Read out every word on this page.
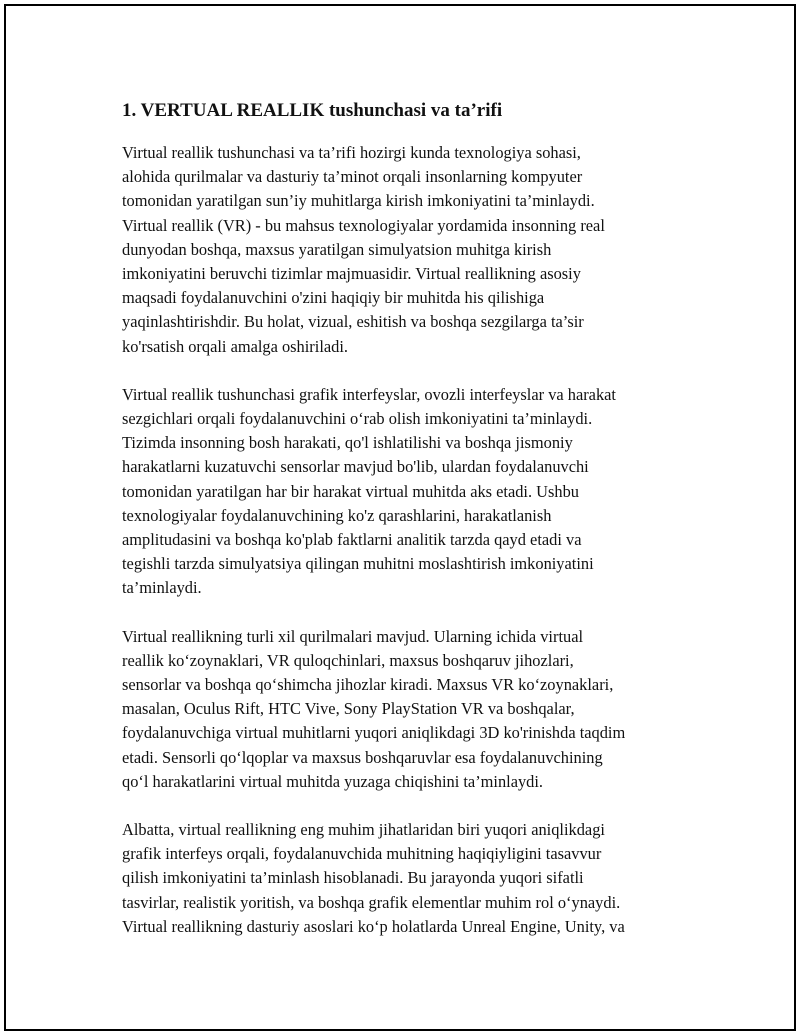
1. VERTUAL REALLIK tushunchasi va ta’rifi

Virtual reallik tushunchasi va ta’rifi hozirgi kunda texnologiya sohasi,
alohida qurilmalar va dasturiy ta’minot orqali insonlarning kompyuter
tomonidan yaratilgan sun’iy muhitlarga kirish imkoniyatini ta’minlaydi.
Virtual reallik (VR) - bu mahsus texnologiyalar yordamida insonning real
dunyodan boshqa, maxsus yaratilgan simulyatsion muhitga kirish
imkoniyatini beruvchi tizimlar majmuasidir. Virtual reallikning asosiy
maqsadi foydalanuvchini o'zini haqiqiy bir muhitda his qilishiga
yaqinlashtirishdir. Bu holat, vizual, eshitish va boshqa sezgilarga ta’sir
ko'rsatish orqali amalga oshiriladi.

Virtual reallik tushunchasi grafik interfeyslar, ovozli interfeyslar va harakat
sezgichlari orqali foydalanuvchini o‘rab olish imkoniyatini ta’minlaydi.
Tizimda insonning bosh harakati, qo'l ishlatilishi va boshqa jismoniy
harakatlarni kuzatuvchi sensorlar mavjud bo'lib, ulardan foydalanuvchi
tomonidan yaratilgan har bir harakat virtual muhitda aks etadi. Ushbu
texnologiyalar foydalanuvchining ko'z qarashlarini, harakatlanish
amplitudasini va boshqa ko'plab faktlarni analitik tarzda qayd etadi va
tegishli tarzda simulyatsiya qilingan muhitni moslashtirish imkoniyatini
ta’minlaydi.

Virtual reallikning turli xil qurilmalari mavjud. Ularning ichida virtual
reallik ko‘zoynaklari, VR quloqchinlari, maxsus boshqaruv jihozlari,
sensorlar va boshqa qo‘shimcha jihozlar kiradi. Maxsus VR ko‘zoynaklari,
masalan, Oculus Rift, HTC Vive, Sony PlayStation VR va boshqalar,
foydalanuvchiga virtual muhitlarni yuqori aniqlikdagi 3D ko'rinishda taqdim
etadi. Sensorli qo‘lqoplar va maxsus boshqaruvlar esa foydalanuvchining
qo‘l harakatlarini virtual muhitda yuzaga chiqishini ta’minlaydi.

Albatta, virtual reallikning eng muhim jihatlaridan biri yuqori aniqlikdagi
grafik interfeys orqali, foydalanuvchida muhitning haqiqiyligini tasavvur
qilish imkoniyatini ta’minlash hisoblanadi. Bu jarayonda yuqori sifatli
tasvirlar, realistik yoritish, va boshqa grafik elementlar muhim rol o‘ynaydi.
Virtual reallikning dasturiy asoslari ko‘p holatlarda Unreal Engine, Unity, va
